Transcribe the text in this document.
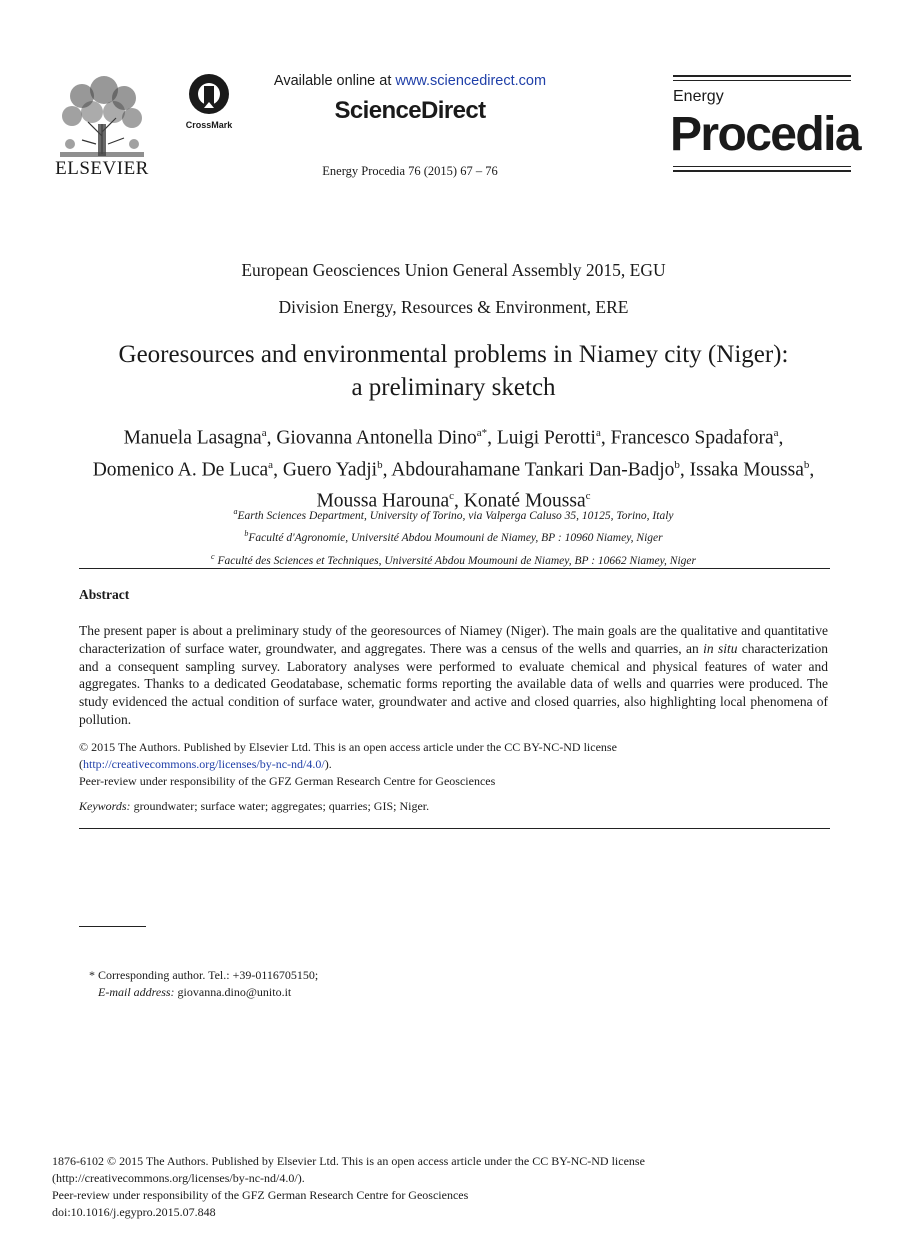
ELSEVIER
CrossMark
Available online at www.sciencedirect.com
ScienceDirect
Energy Procedia 76 (2015) 67 – 76
Energy
Procedia
European Geosciences Union General Assembly 2015, EGU
Division Energy, Resources & Environment, ERE
Georesources and environmental problems in Niamey city (Niger):
a preliminary sketch
Manuela Lasagna$^a$, Giovanna Antonella Dino$^{a*}$, Luigi Perotti$^a$, Francesco Spadafora$^a$,
Domenico A. De Luca$^a$, Guero Yadji$^b$, Abdourahamane Tankari Dan-Badjo$^b$, Issaka Moussa$^b$, Moussa Harouna$^c$, Konaté Moussa$^c$
$^a$Earth Sciences Department, University of Torino, via Valperga Caluso 35, 10125, Torino, Italy
$^b$Faculté d'Agronomie, Université Abdou Moumouni de Niamey, BP : 10960 Niamey, Niger
$^c$ Faculté des Sciences et Techniques, Université Abdou Moumouni de Niamey, BP : 10662 Niamey, Niger
Abstract
The present paper is about a preliminary study of the georesources of Niamey (Niger). The main goals are the qualitative and quantitative characterization of surface water, groundwater, and aggregates. There was a census of the wells and quarries, an in situ characterization and a consequent sampling survey. Laboratory analyses were performed to evaluate chemical and physical features of water and aggregates. Thanks to a dedicated Geodatabase, schematic forms reporting the available data of wells and quarries were produced. The study evidenced the actual condition of surface water, groundwater and active and closed quarries, also highlighting local phenomena of pollution.
© 2015 The Authors. Published by Elsevier Ltd. This is an open access article under the CC BY-NC-ND license
(http://creativecommons.org/licenses/by-nc-nd/4.0/).
Peer-review under responsibility of the GFZ German Research Centre for Geosciences
Keywords: groundwater; surface water; aggregates; quarries; GIS; Niger.
* Corresponding author. Tel.: +39-0116705150;
E-mail address: giovanna.dino@unito.it
1876-6102 © 2015 The Authors. Published by Elsevier Ltd. This is an open access article under the CC BY-NC-ND license
(http://creativecommons.org/licenses/by-nc-nd/4.0/).
Peer-review under responsibility of the GFZ German Research Centre for Geosciences
doi:10.1016/j.egypro.2015.07.848
